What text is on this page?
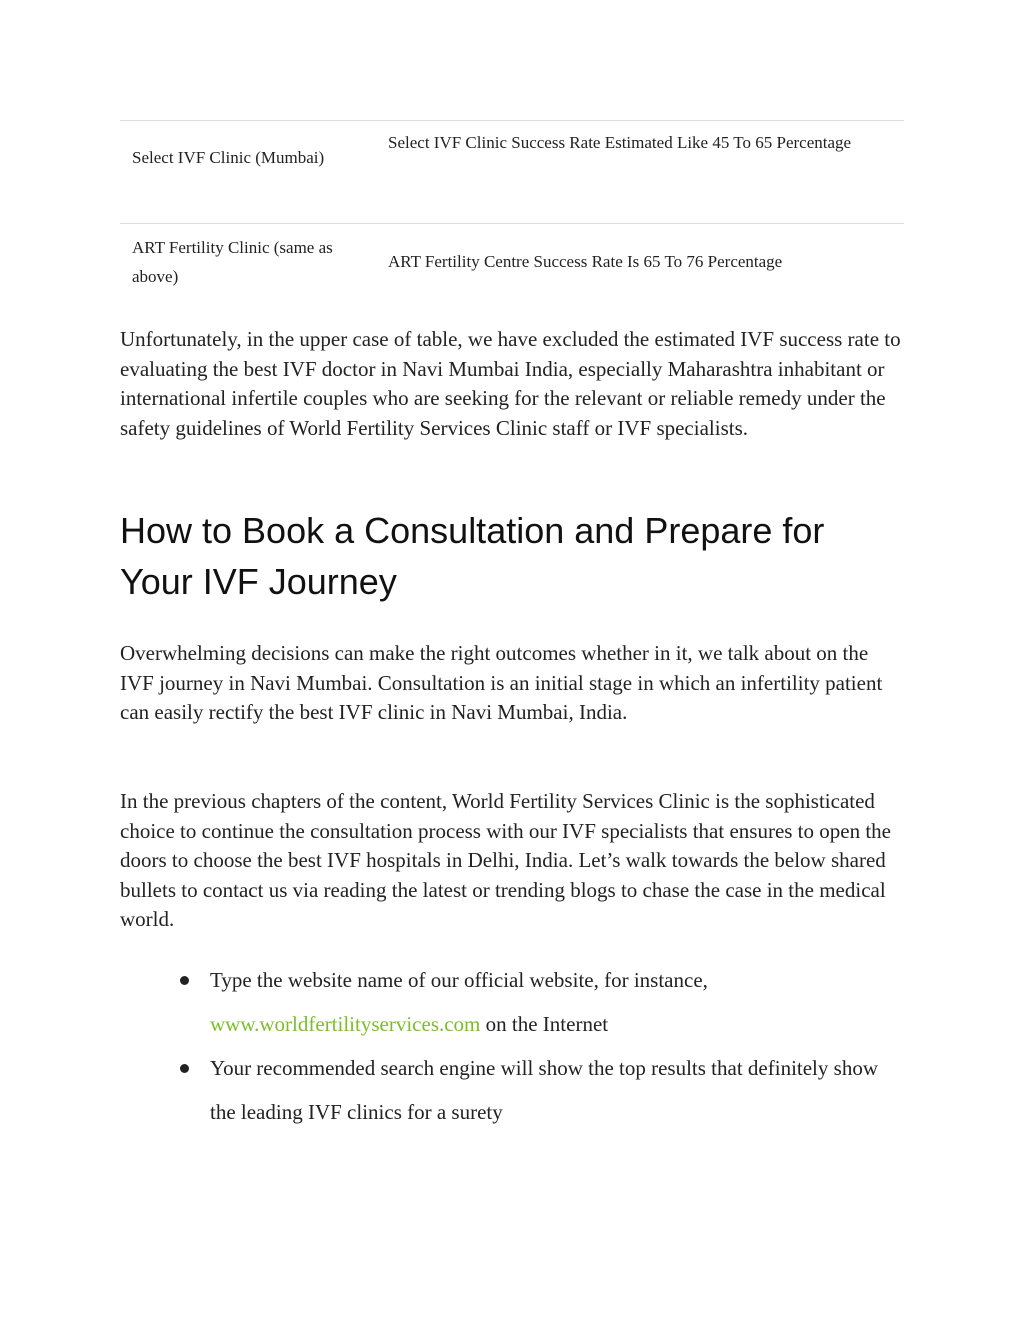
Select IVF Clinic (Mumbai)
Select IVF Clinic Success Rate Estimated Like 45 To 65 Percentage
ART Fertility Clinic (same as above)
ART Fertility Centre Success Rate Is 65 To 76 Percentage

Unfortunately, in the upper case of table, we have excluded the estimated IVF success rate to evaluating the best IVF doctor in Navi Mumbai India, especially Maharashtra inhabitant or international infertile couples who are seeking for the relevant or reliable remedy under the safety guidelines of World Fertility Services Clinic staff or IVF specialists.

How to Book a Consultation and Prepare for Your IVF Journey

Overwhelming decisions can make the right outcomes whether in it, we talk about on the IVF journey in Navi Mumbai. Consultation is an initial stage in which an infertility patient can easily rectify the best IVF clinic in Navi Mumbai, India.

In the previous chapters of the content, World Fertility Services Clinic is the sophisticated choice to continue the consultation process with our IVF specialists that ensures to open the doors to choose the best IVF hospitals in Delhi, India. Let’s walk towards the below shared bullets to contact us via reading the latest or trending blogs to chase the case in the medical world.

Type the website name of our official website, for instance,
www.worldfertilityservices.com on the Internet
Your recommended search engine will show the top results that definitely show the leading IVF clinics for a surety
